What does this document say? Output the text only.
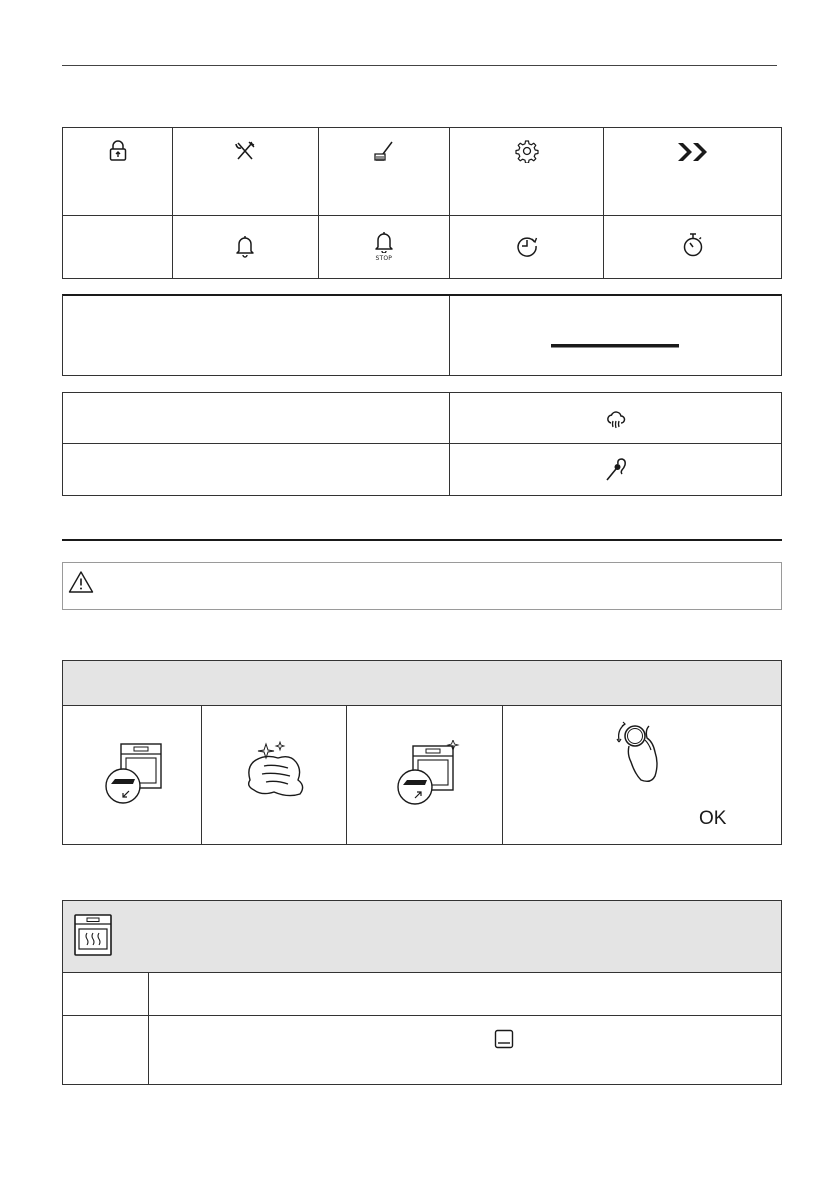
STOP

OK
